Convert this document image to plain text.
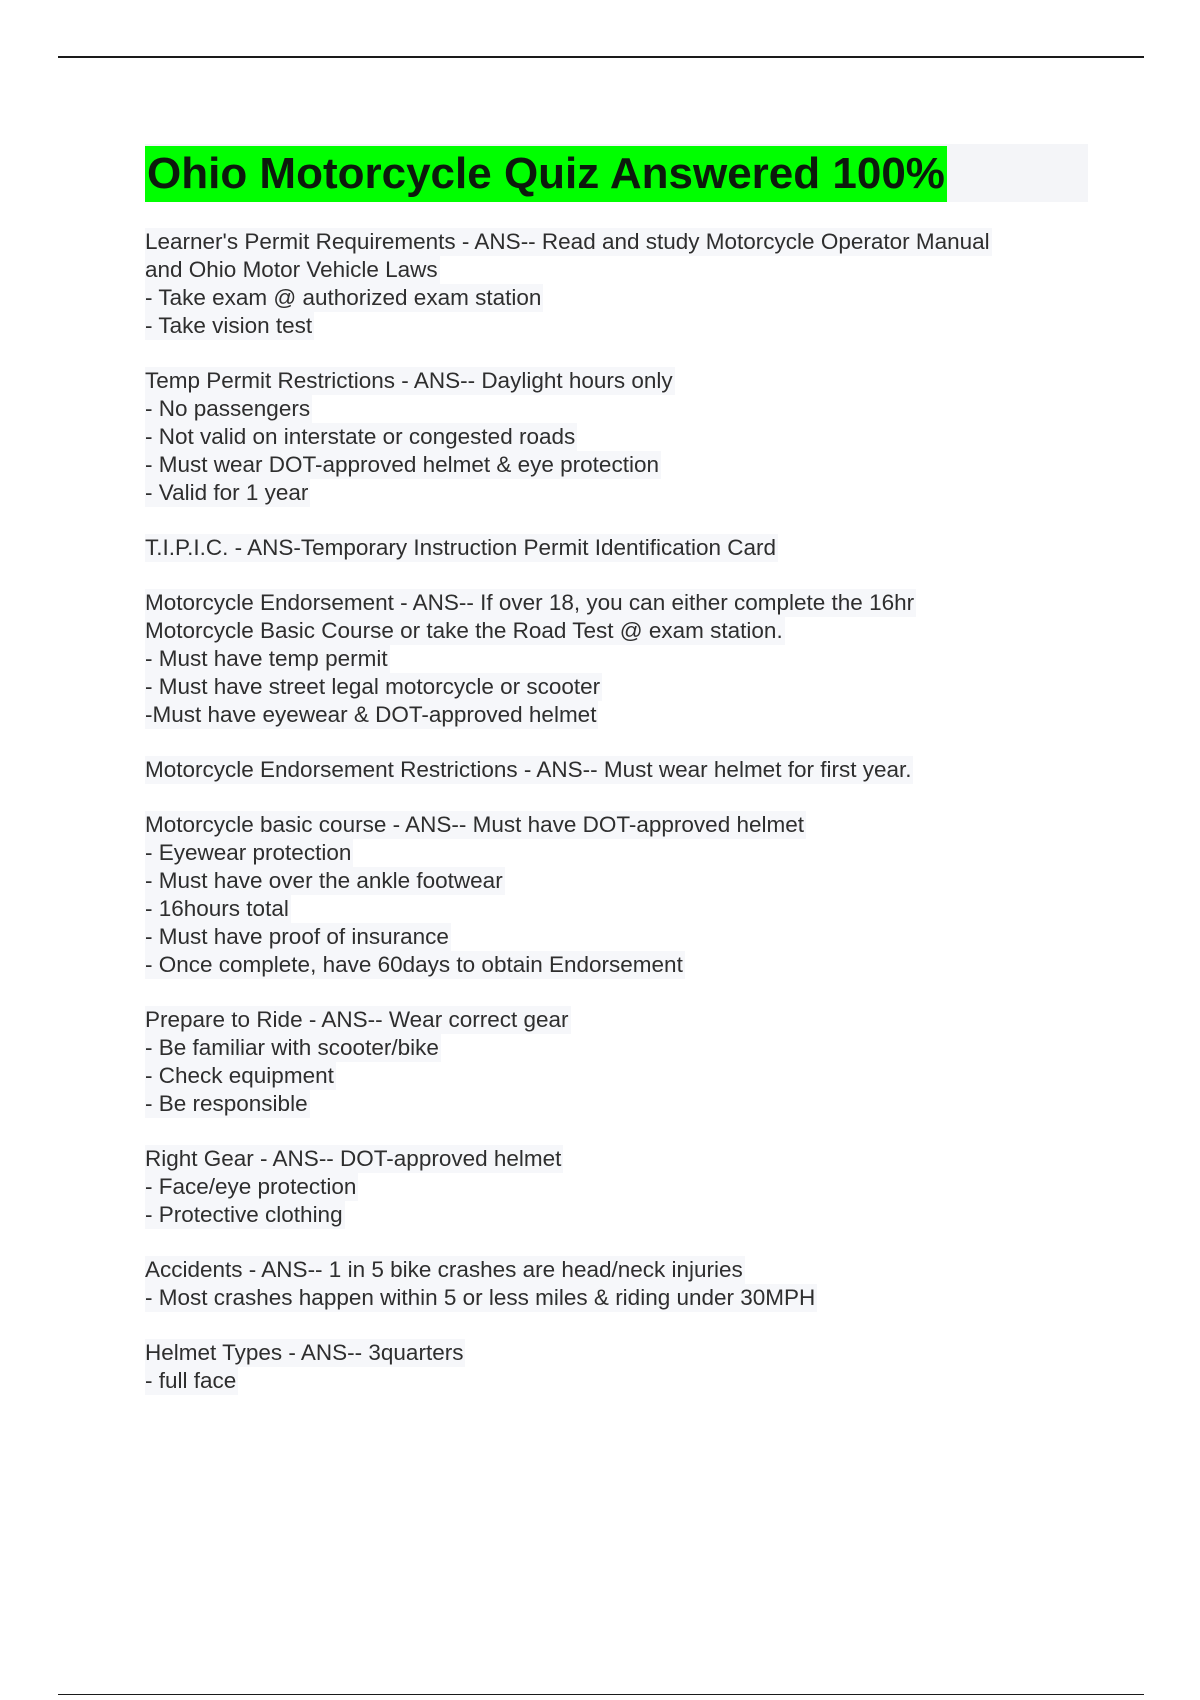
Ohio Motorcycle Quiz Answered 100%
Learner's Permit Requirements - ANS-- Read and study Motorcycle Operator Manual
and Ohio Motor Vehicle Laws
- Take exam @ authorized exam station
- Take vision test
Temp Permit Restrictions - ANS-- Daylight hours only
- No passengers
- Not valid on interstate or congested roads
- Must wear DOT-approved helmet & eye protection
- Valid for 1 year
T.I.P.I.C. - ANS-Temporary Instruction Permit Identification Card
Motorcycle Endorsement - ANS-- If over 18, you can either complete the 16hr
Motorcycle Basic Course or take the Road Test @ exam station.
- Must have temp permit
- Must have street legal motorcycle or scooter
-Must have eyewear & DOT-approved helmet
Motorcycle Endorsement Restrictions - ANS-- Must wear helmet for first year.
Motorcycle basic course - ANS-- Must have DOT-approved helmet
- Eyewear protection
- Must have over the ankle footwear
- 16hours total
- Must have proof of insurance
- Once complete, have 60days to obtain Endorsement
Prepare to Ride - ANS-- Wear correct gear
- Be familiar with scooter/bike
- Check equipment
- Be responsible
Right Gear - ANS-- DOT-approved helmet
- Face/eye protection
- Protective clothing
Accidents - ANS-- 1 in 5 bike crashes are head/neck injuries
- Most crashes happen within 5 or less miles & riding under 30MPH
Helmet Types - ANS-- 3quarters
- full face
